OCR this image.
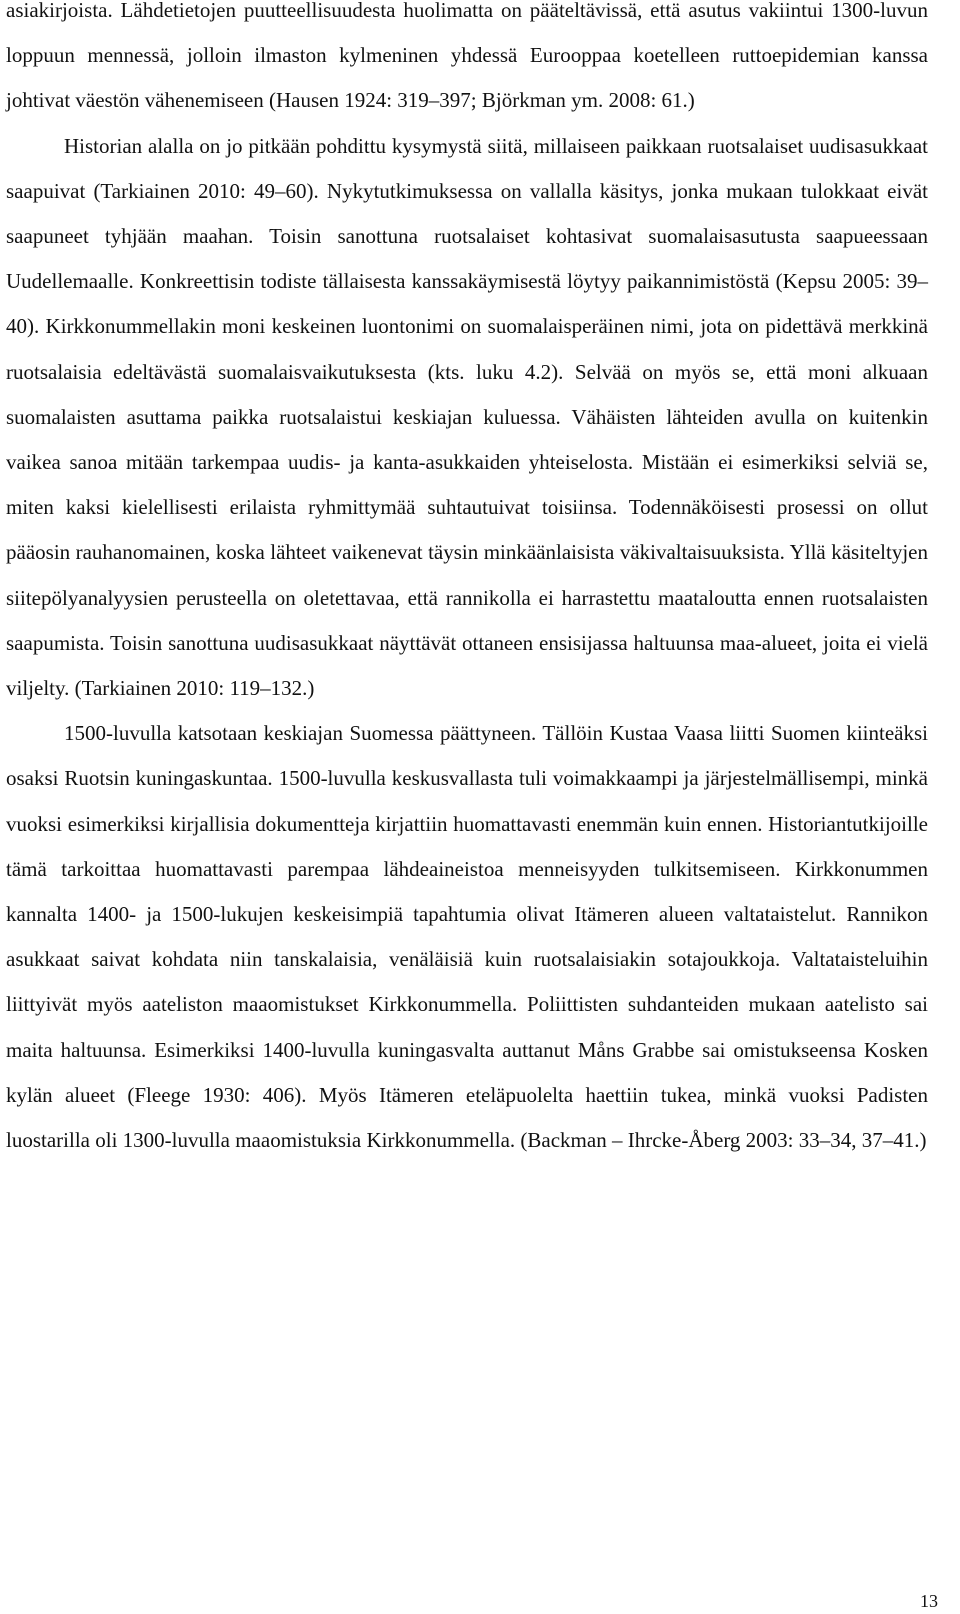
asiakirjoista. Lähdetietojen puutteellisuudesta huolimatta on pääteltävissä, että asutus vakiintui 1300-luvun loppuun mennessä, jolloin ilmaston kylmeninen yhdessä Eurooppaa koetelleen ruttoepidemian kanssa johtivat väestön vähenemiseen (Hausen 1924: 319–397; Björkman ym. 2008: 61.)

Historian alalla on jo pitkään pohdittu kysymystä siitä, millaiseen paikkaan ruotsalaiset uudisasukkaat saapuivat (Tarkiainen 2010: 49–60). Nykytutkimuksessa on vallalla käsitys, jonka mukaan tulokkaat eivät saapuneet tyhjään maahan. Toisin sanottuna ruotsalaiset kohtasivat suomalaisasutusta saapueessaan Uudellemaalle. Konkreettisin todiste tällaisesta kanssakäymisestä löytyy paikannimistöstä (Kepsu 2005: 39–40). Kirkkonummellakin moni keskeinen luontonimi on suomalaisperäinen nimi, jota on pidettävä merkkinä ruotsalaisia edeltävästä suomalaisvaikutuksesta (kts. luku 4.2). Selvää on myös se, että moni alkuaan suomalaisten asuttama paikka ruotsalaistui keskiajan kuluessa. Vähäisten lähteiden avulla on kuitenkin vaikea sanoa mitään tarkempaa uudis- ja kanta-asukkaiden yhteiselosta. Mistään ei esimerkiksi selviä se, miten kaksi kielellisesti erilaista ryhmittymää suhtautuivat toisiinsa. Todennäköisesti prosessi on ollut pääosin rauhanomainen, koska lähteet vaikenevat täysin minkäänlaisista väkivaltaisuuksista. Yllä käsiteltyjen siitepölyanalyysien perusteella on oletettavaa, että rannikolla ei harrastettu maataloutta ennen ruotsalaisten saapumista. Toisin sanottuna uudisasukkaat näyttävät ottaneen ensisijassa haltuunsa maa-alueet, joita ei vielä viljelty. (Tarkiainen 2010: 119–132.)

1500-luvulla katsotaan keskiajan Suomessa päättyneen. Tällöin Kustaa Vaasa liitti Suomen kiinteäksi osaksi Ruotsin kuningaskuntaa. 1500-luvulla keskusvallasta tuli voimakkaampi ja järjestelmällisempi, minkä vuoksi esimerkiksi kirjallisia dokumentteja kirjattiin huomattavasti enemmän kuin ennen. Historiantutkijoille tämä tarkoittaa huomattavasti parempaa lähdeaineistoa menneisyyden tulkitsemiseen. Kirkkonummen kannalta 1400- ja 1500-lukujen keskeisimpiä tapahtumia olivat Itämeren alueen valtataistelut. Rannikon asukkaat saivat kohdata niin tanskalaisia, venäläisiä kuin ruotsalaisiakin sotajoukkoja. Valtataisteluihin liittyivät myös aateliston maaomistukset Kirkkonummella. Poliittisten suhdanteiden mukaan aatelisto sai maita haltuunsa. Esimerkiksi 1400-luvulla kuningasvalta auttanut Måns Grabbe sai omistukseensa Kosken kylän alueet (Fleege 1930: 406). Myös Itämeren eteläpuolelta haettiin tukea, minkä vuoksi Padisten luostarilla oli 1300-luvulla maaomistuksia Kirkkonummella. (Backman – Ihrcke-Åberg 2003: 33–34, 37–41.)

13
